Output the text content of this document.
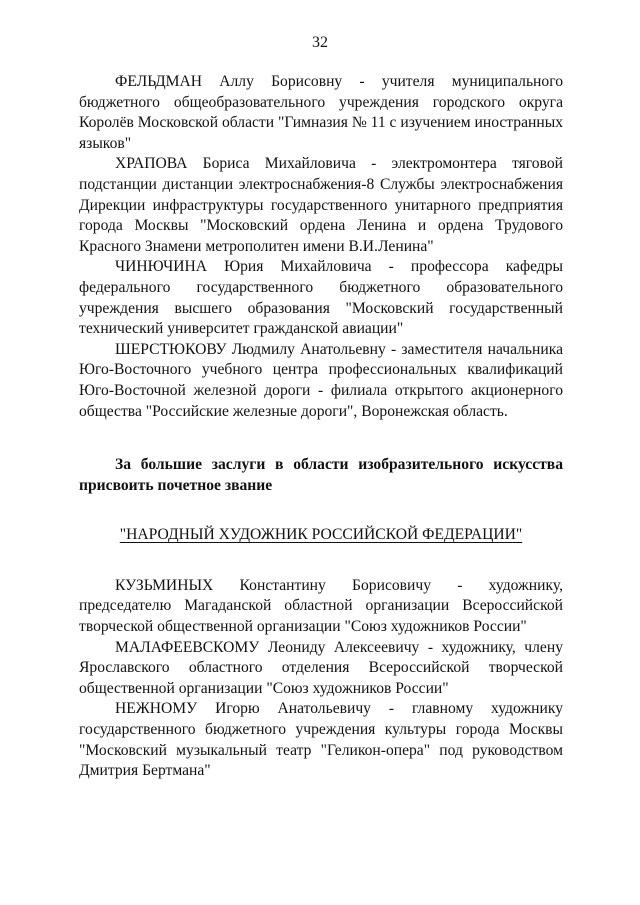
32

ФЕЛЬДМАН Аллу Борисовну - учителя муниципального бюджетного общеобразовательного учреждения городского округа Королёв Московской области "Гимназия № 11 с изучением иностранных языков"

ХРАПОВА Бориса Михайловича - электромонтера тяговой подстанции дистанции электроснабжения-8 Службы электроснабжения Дирекции инфраструктуры государственного унитарного предприятия города Москвы "Московский ордена Ленина и ордена Трудового Красного Знамени метрополитен имени В.И.Ленина"

ЧИНЮЧИНА Юрия Михайловича - профессора кафедры федерального государственного бюджетного образовательного учреждения высшего образования "Московский государственный технический университет гражданской авиации"

ШЕРСТЮКОВУ Людмилу Анатольевну - заместителя начальника Юго-Восточного учебного центра профессиональных квалификаций Юго-Восточной железной дороги - филиала открытого акционерного общества "Российские железные дороги", Воронежская область.

За большие заслуги в области изобразительного искусства присвоить почетное звание

"НАРОДНЫЙ ХУДОЖНИК РОССИЙСКОЙ ФЕДЕРАЦИИ"

КУЗЬМИНЫХ Константину Борисовичу - художнику, председателю Магаданской областной организации Всероссийской творческой общественной организации "Союз художников России"

МАЛАФЕЕВСКОМУ Леониду Алексеевичу - художнику, члену Ярославского областного отделения Всероссийской творческой общественной организации "Союз художников России"

НЕЖНОМУ Игорю Анатольевичу - главному художнику государственного бюджетного учреждения культуры города Москвы "Московский музыкальный театр "Геликон-опера" под руководством Дмитрия Бертмана"
